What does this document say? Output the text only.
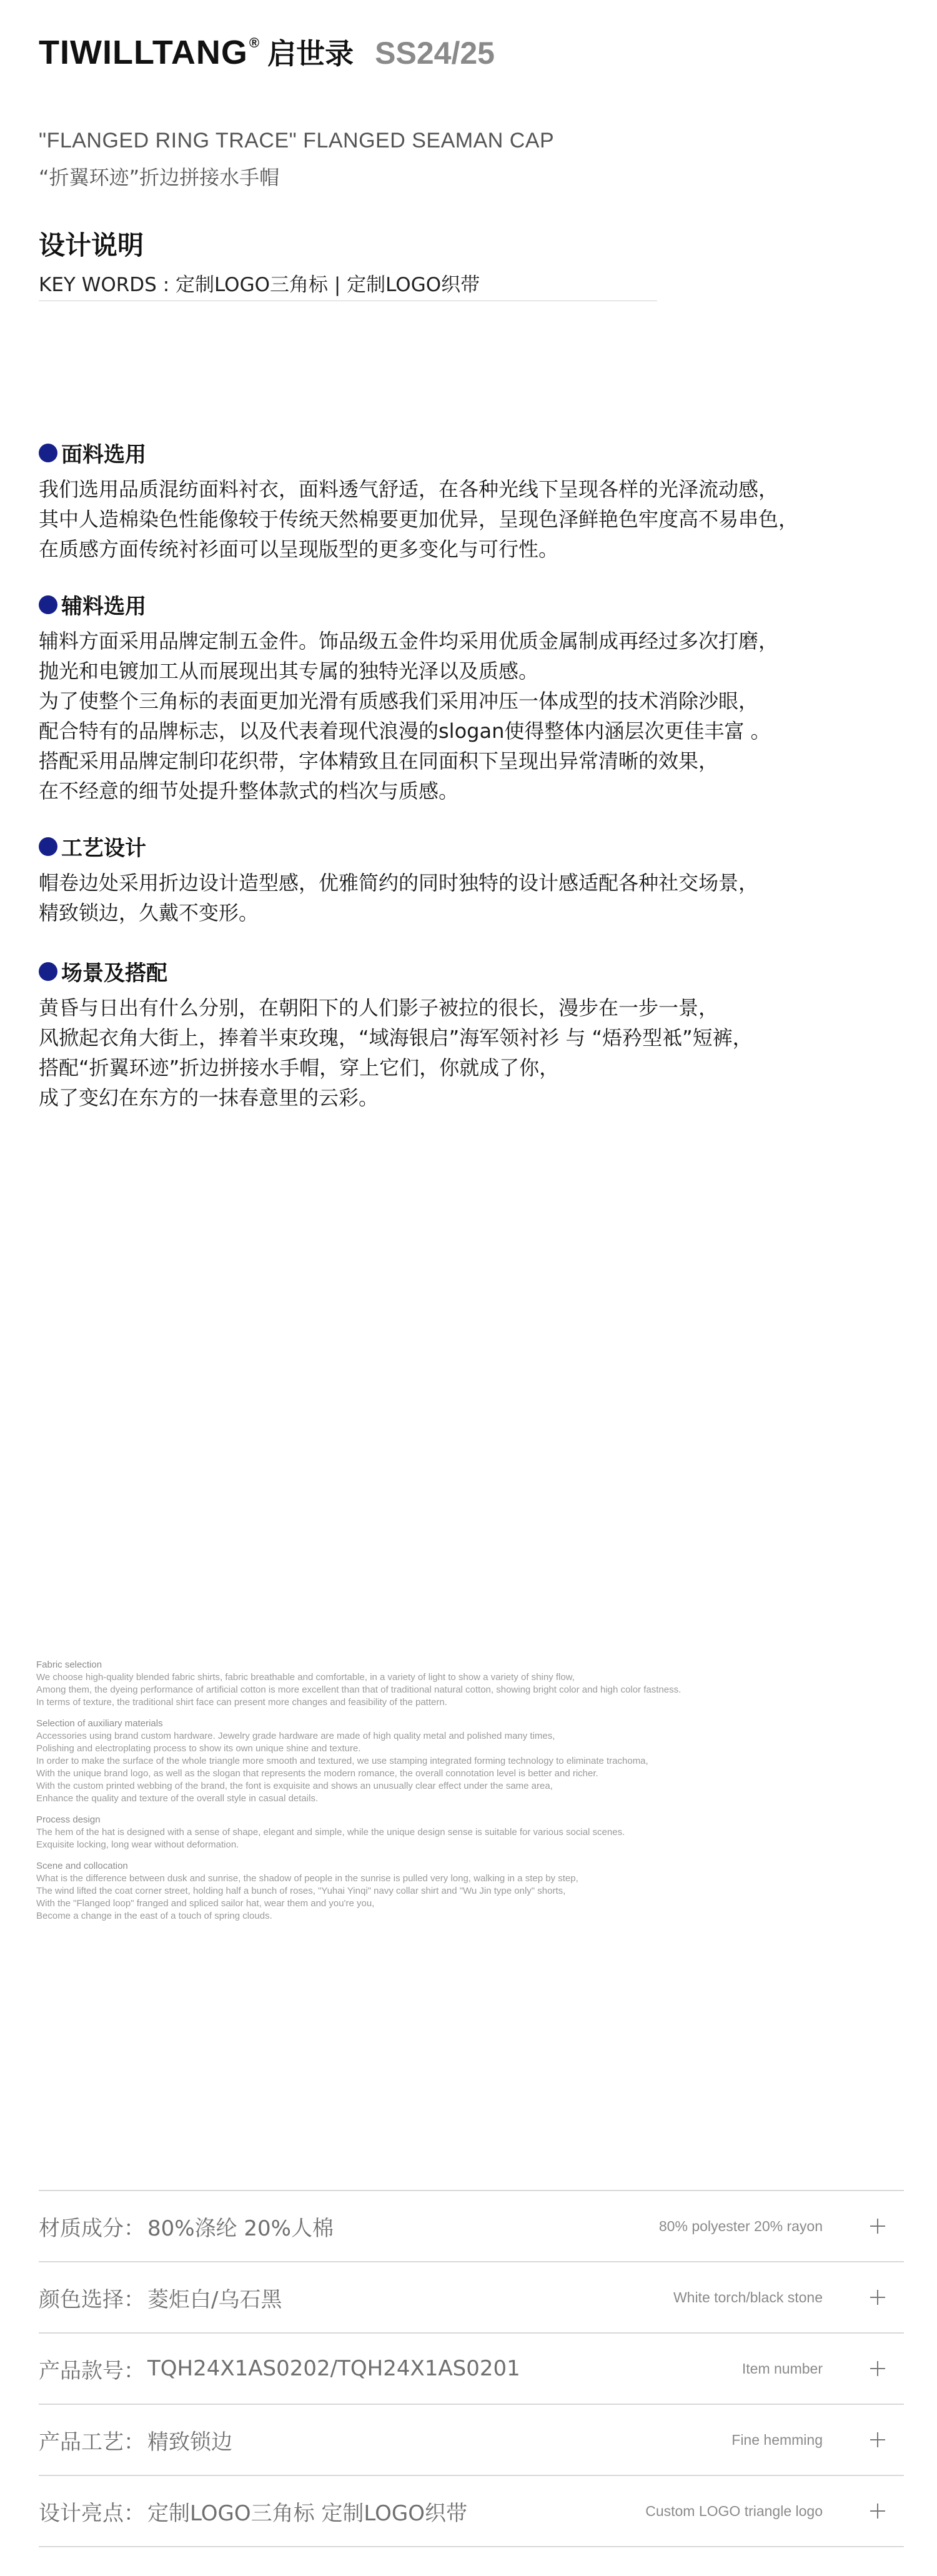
TIWILLTANG® 启世录 SS24/25
"FLANGED RING TRACE" FLANGED SEAMAN CAP
“折翼环迹”折边拼接水手帽
设计说明
KEY WORDS : 定制LOGO三角标 | 定制LOGO织带
面料选用
我们选用品质混纺面料衬衣，面料透气舒适，在各种光线下呈现各样的光泽流动感，
其中人造棉染色性能像较于传统天然棉要更加优异，呈现色泽鲜艳色牢度高不易串色，
在质感方面传统衬衫面可以呈现版型的更多变化与可行性。
辅料选用
辅料方面采用品牌定制五金件。饰品级五金件均采用优质金属制成再经过多次打磨，
抛光和电镀加工从而展现出其专属的独特光泽以及质感。
为了使整个三角标的表面更加光滑有质感我们采用冲压一体成型的技术消除沙眼，
配合特有的品牌标志，以及代表着现代浪漫的slogan使得整体内涵层次更佳丰富 。
搭配采用品牌定制印花织带，字体精致且在同面积下呈现出异常清晰的效果，
在不经意的细节处提升整体款式的档次与质感。
工艺设计
帽卷边处采用折边设计造型感，优雅简约的同时独特的设计感适配各种社交场景，
精致锁边，久戴不变形。
场景及搭配
黄昏与日出有什么分别，在朝阳下的人们影子被拉的很长，漫步在一步一景，
风掀起衣角大街上，捧着半束玫瑰，“域海银启”海军领衬衫 与 “焐矜型袛”短裤，
搭配“折翼环迹”折边拼接水手帽，穿上它们，你就成了你，
成了变幻在东方的一抹春意里的云彩。
Fabric selection
We choose high-quality blended fabric shirts, fabric breathable and comfortable, in a variety of light to show a variety of shiny flow,
Among them, the dyeing performance of artificial cotton is more excellent than that of traditional natural cotton, showing bright color and high color fastness.
In terms of texture, the traditional shirt face can present more changes and feasibility of the pattern.
Selection of auxiliary materials
Accessories using brand custom hardware. Jewelry grade hardware are made of high quality metal and polished many times,
Polishing and electroplating process to show its own unique shine and texture.
In order to make the surface of the whole triangle more smooth and textured, we use stamping integrated forming technology to eliminate trachoma,
With the unique brand logo, as well as the slogan that represents the modern romance, the overall connotation level is better and richer.
With the custom printed webbing of the brand, the font is exquisite and shows an unusually clear effect under the same area,
Enhance the quality and texture of the overall style in casual details.
Process design
The hem of the hat is designed with a sense of shape, elegant and simple, while the unique design sense is suitable for various social scenes.
Exquisite locking, long wear without deformation.
Scene and collocation
What is the difference between dusk and sunrise, the shadow of people in the sunrise is pulled very long, walking in a step by step,
The wind lifted the coat corner street, holding half a bunch of roses, "Yuhai Yinqi" navy collar shirt and "Wu Jin type only" shorts,
With the "Flanged loop" franged and spliced sailor hat, wear them and you're you,
Become a change in the east of a touch of spring clouds.
材质成分： 80%涤纶 20%人棉	80% polyester 20% rayon
颜色选择： 菱炬白/乌石黑	White torch/black stone
产品款号： TQH24X1AS0202/TQH24X1AS0201	Item number
产品工艺： 精致锁边	Fine hemming
设计亮点： 定制LOGO三角标 定制LOGO织带	Custom LOGO triangle logo
